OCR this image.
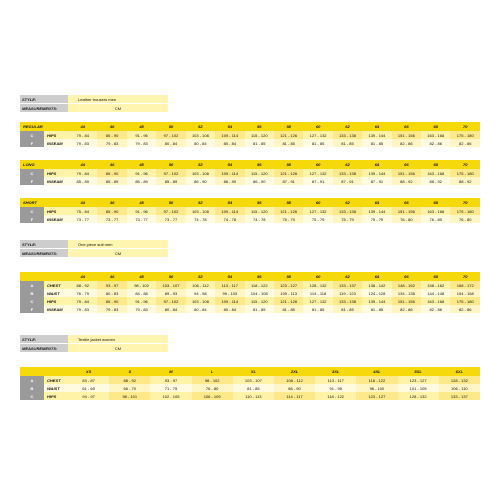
STYLE:	Leather trousers men
MEASUREMENTS:	CM
REGULAR		44	46	48	50	52	54	56	58	60	62	64	66	68	70
C	HIPS	79 - 84	85 - 90	91 - 96	97 - 102	103 - 108	109 - 114	115 - 120	121 - 126	127 - 132	133 - 138	139 - 144	151 - 156	163 - 168	175 - 180
F	INSEAM	79 - 83	79 - 83	79 - 83	80 - 84	80 - 84	80 - 84	81 - 85	81 - 85	81 - 85	81 - 85	81 - 85	82 - 86	82 - 86	82 - 86
LONG		44	46	48	50	52	54	56	58	60	62	64	66	68	70
C	HIPS	79 - 84	85 - 90	91 - 96	97 - 102	103 - 108	109 - 114	115 - 120	121 - 126	127 - 132	133 - 138	139 - 144	151 - 156	163 - 168	175 - 180
F	INSEAM	85 - 89	85 - 89	85 - 89	85 - 89	86 - 90	86 - 90	86 - 90	87 - 91	87 - 91	87 - 91	87 - 91	88 - 92	88 - 92	88 - 92
SHORT		44	46	48	50	52	54	56	58	60	62	64	66	68	70
C	HIPS	75 - 84	85 - 90	91 - 96	97 - 102	103 - 108	109 - 114	115 - 120	121 - 126	127 - 132	133 - 138	139 - 144	151 - 156	163 - 168	175 - 180
F	INSEAM	73 - 77	73 - 77	73 - 77	73 - 77	74 - 78	74 - 78	74 - 78	75 - 79	75 - 79	75 - 79	75 - 79	76 - 80	76 - 80	76 - 80
STYLE:	One piece suit men
MEASUREMENTS:	CM
		44	46	48	50	52	54	56	58	60	62	64	66	68	70
A	CHEST	88 - 92	93 - 97	98 - 102	103 - 107	108 - 112	113 - 117	118 - 122	123 - 127	128 - 132	133 - 137	138 - 142	148 - 152	158 - 162	168 - 172
B	WAIST	76 - 79	80 - 83	84 - 88	89 - 93	94 - 98	99 - 103	104 - 108	109 - 113	114 - 118	119 - 123	124 - 128	134 - 138	144 - 148	154 - 158
C	HIPS	79 - 84	85 - 90	91 - 96	97 - 102	103 - 108	109 - 114	115 - 120	121 - 126	127 - 132	133 - 138	139 - 144	151 - 156	163 - 168	175 - 180
F	INSEAM	79 - 83	79 - 83	79 - 83	80 - 84	80 - 84	80 - 84	81 - 85	81 - 85	81 - 85	81 - 85	81 - 85	82 - 86	82 - 86	82 - 86
STYLE:	Textile jacket women
MEASUREMENTS:	CM
		XS	S	M	L	XL	2XL	3XL	4XL	5XL	6XL
A	CHEST	83 - 87	88 - 92	93 - 97	98 - 102	103 - 107	108 - 112	113 - 117	118 - 122	123 - 127	128 - 132
B	WAIST	61 - 65	66 - 70	71 - 75	76 - 80	81 - 85	86 - 90	91 - 95	96 - 100	101 - 105	106 - 110
C	HIPS	94 - 97	98 - 101	102 - 105	106 - 109	110 - 113	114 - 117	118 - 122	123 - 127	128 - 132	133 - 137
